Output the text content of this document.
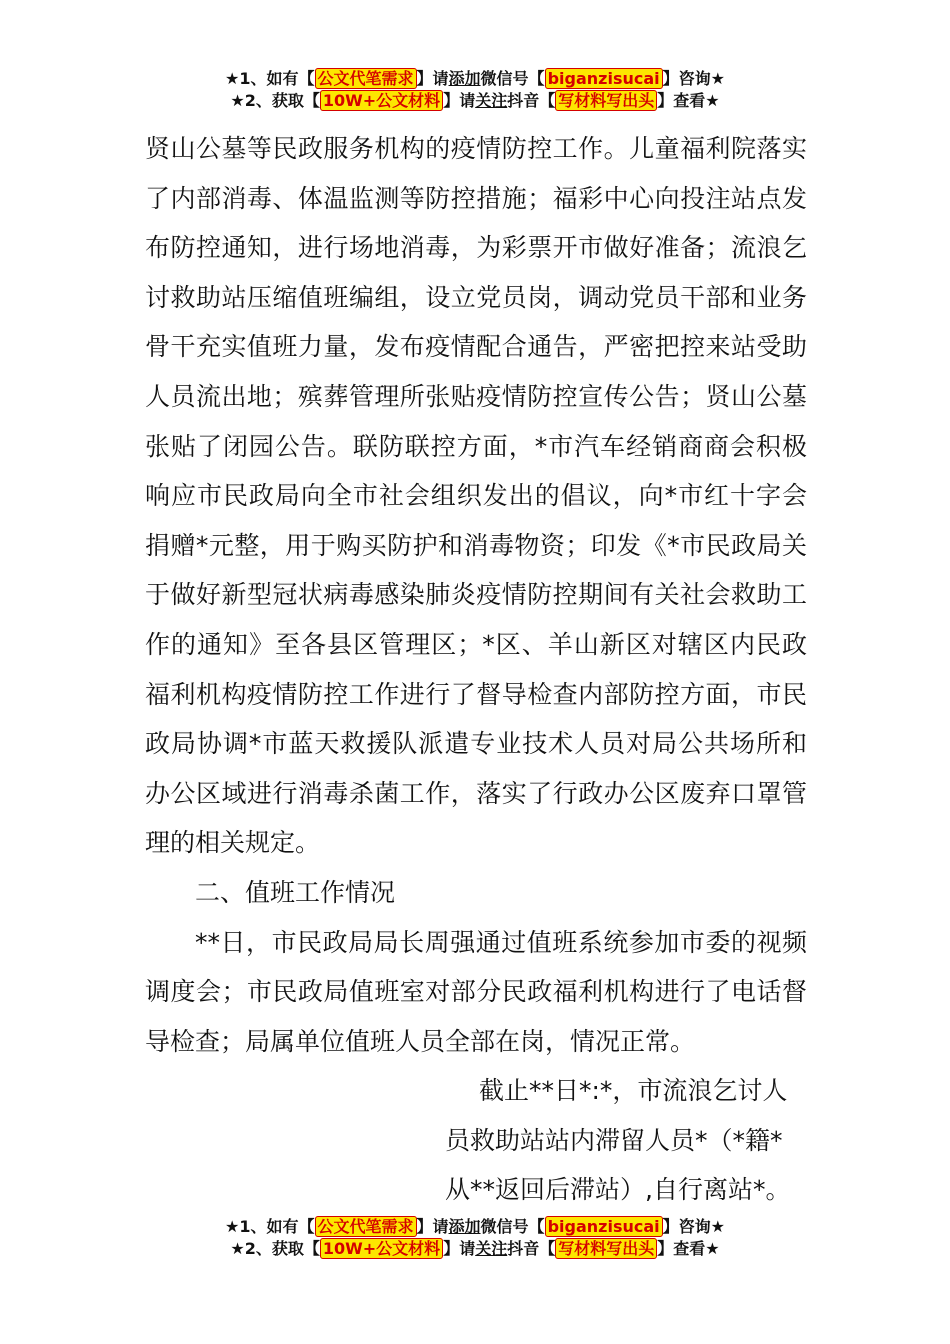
★1、如有【 公文代笔需求 】请添加微信号【 biganzisucai 】咨询★
★2、获取【 10W+公文材料 】请关注抖音【 写材料写出头 】查看★

贤山公墓等民政服务机构的疫情防控工作。儿童福利院落实了内部消毒、体温监测等防控措施；福彩中心向投注站点发布防控通知，进行场地消毒，为彩票开市做好准备；流浪乞讨救助站压缩值班编组，设立党员岗，调动党员干部和业务骨干充实值班力量，发布疫情配合通告，严密把控来站受助人员流出地；殡葬管理所张贴疫情防控宣传公告；贤山公墓张贴了闭园公告。联防联控方面，*市汽车经销商商会积极响应市民政局向全市社会组织发出的倡议，向*市红十字会捐赠*元整，用于购买防护和消毒物资；印发《*市民政局关于做好新型冠状病毒感染肺炎疫情防控期间有关社会救助工作的通知》至各县区管理区；*区、羊山新区对辖区内民政福利机构疫情防控工作进行了督导检查内部防控方面，市民政局协调*市蓝天救援队派遣专业技术人员对局公共场所和办公区域进行消毒杀菌工作，落实了行政办公区废弃口罩管理的相关规定。

二、值班工作情况

**日，市民政局局长周强通过值班系统参加市委的视频调度会；市民政局值班室对部分民政福利机构进行了电话督导检查；局属单位值班人员全部在岗，情况正常。

截止**日*:*，市流浪乞讨人

员救助站站内滞留人员*（*籍*

从**返回后滞站）,自行离站*。

★1、如有【 公文代笔需求 】请添加微信号【 biganzisucai 】咨询★
★2、获取【 10W+公文材料 】请关注抖音【 写材料写出头 】查看★
